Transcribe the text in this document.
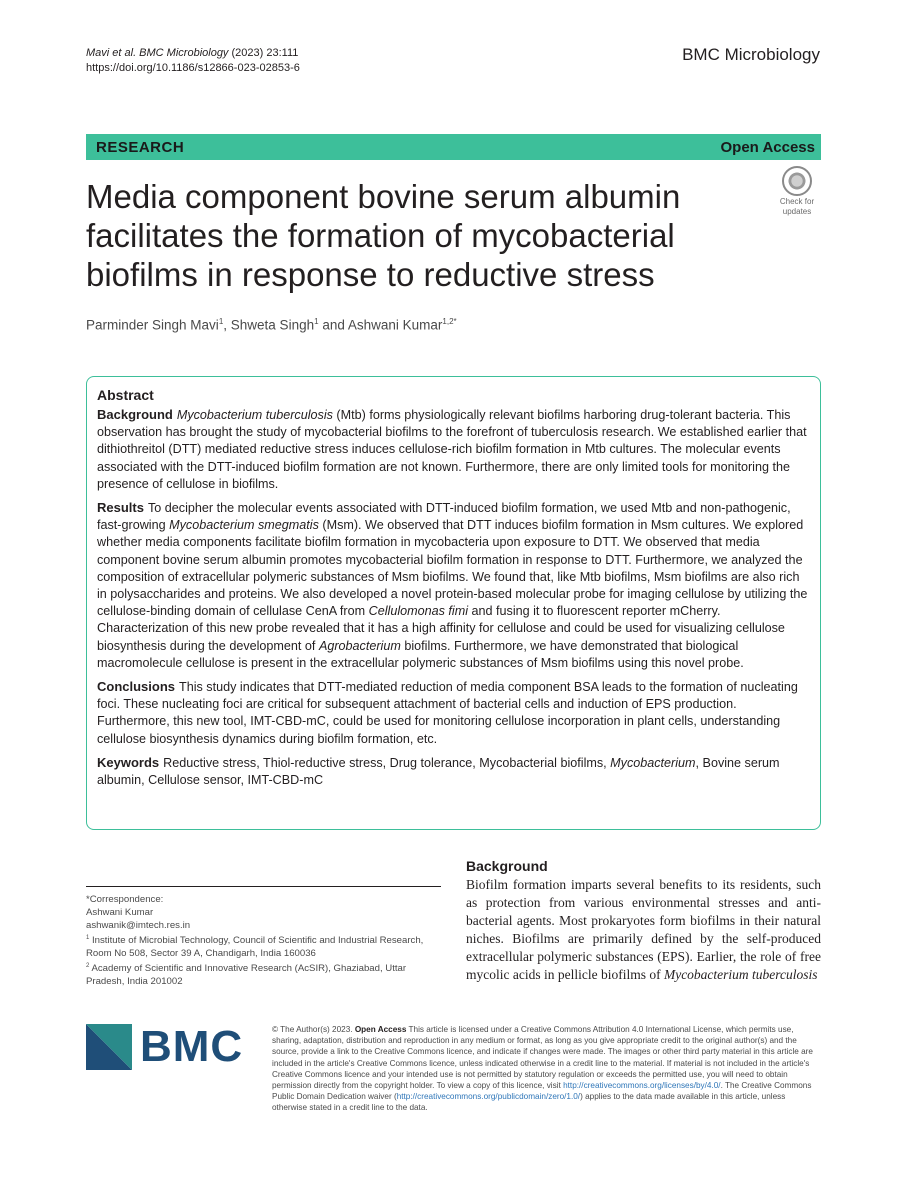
Mavi et al. BMC Microbiology (2023) 23:111
https://doi.org/10.1186/s12866-023-02853-6
BMC Microbiology
RESEARCH	Open Access
Media component bovine serum albumin facilitates the formation of mycobacterial biofilms in response to reductive stress
Check for
updates
Parminder Singh Mavi$^1$, Shweta Singh$^1$ and Ashwani Kumar$^{1,2*}$
Abstract

Background Mycobacterium tuberculosis (Mtb) forms physiologically relevant biofilms harboring drug-tolerant bacteria. This observation has brought the study of mycobacterial biofilms to the forefront of tuberculosis research. We established earlier that dithiothreitol (DTT) mediated reductive stress induces cellulose-rich biofilm formation in Mtb cultures. The molecular events associated with the DTT-induced biofilm formation are not known. Furthermore, there are only limited tools for monitoring the presence of cellulose in biofilms.

Results To decipher the molecular events associated with DTT-induced biofilm formation, we used Mtb and non-pathogenic, fast-growing Mycobacterium smegmatis (Msm). We observed that DTT induces biofilm formation in Msm cultures. We explored whether media components facilitate biofilm formation in mycobacteria upon exposure to DTT. We observed that media component bovine serum albumin promotes mycobacterial biofilm formation in response to DTT. Furthermore, we analyzed the composition of extracellular polymeric substances of Msm biofilms. We found that, like Mtb biofilms, Msm biofilms are also rich in polysaccharides and proteins. We also developed a novel protein-based molecular probe for imaging cellulose by utilizing the cellulose-binding domain of cellulase CenA from Cellulomonas fimi and fusing it to fluorescent reporter mCherry. Characterization of this new probe revealed that it has a high affinity for cellulose and could be used for visualizing cellulose biosynthesis during the development of Agrobacterium biofilms. Furthermore, we have demonstrated that biological macromolecule cellulose is present in the extracellular polymeric substances of Msm biofilms using this novel probe.

Conclusions This study indicates that DTT-mediated reduction of media component BSA leads to the formation of nucleating foci. These nucleating foci are critical for subsequent attachment of bacterial cells and induction of EPS production. Furthermore, this new tool, IMT-CBD-mC, could be used for monitoring cellulose incorporation in plant cells, understanding cellulose biosynthesis dynamics during biofilm formation, etc.

Keywords Reductive stress, Thiol-reductive stress, Drug tolerance, Mycobacterial biofilms, Mycobacterium, Bovine serum albumin, Cellulose sensor, IMT-CBD-mC

*Correspondence:
Ashwani Kumar
ashwanik@imtech.res.in
$^1$ Institute of Microbial Technology, Council of Scientific and Industrial Research, Room No 508, Sector 39 A, Chandigarh, India 160036
$^2$ Academy of Scientific and Innovative Research (AcSIR), Ghaziabad, Uttar Pradesh, India 201002
Background

Biofilm formation imparts several benefits to its residents, such as protection from various environmental stresses and anti-bacterial agents. Most prokaryotes form biofilms in their natural niches. Biofilms are primarily defined by the self-produced extracellular polymeric substances (EPS). Earlier, the role of free mycolic acids in pellicle biofilms of Mycobacterium tuberculosis

BMC	© The Author(s) 2023. Open Access This article is licensed under a Creative Commons Attribution 4.0 International License, which permits use, sharing, adaptation, distribution and reproduction in any medium or format, as long as you give appropriate credit to the original author(s) and the source, provide a link to the Creative Commons licence, and indicate if changes were made. The images or other third party material in this article are included in the article's Creative Commons licence, unless indicated otherwise in a credit line to the material. If material is not included in the article's Creative Commons licence and your intended use is not permitted by statutory regulation or exceeds the permitted use, you will need to obtain permission directly from the copyright holder. To view a copy of this licence, visit http://creativecommons.org/licenses/by/4.0/. The Creative Commons Public Domain Dedication waiver (http://creativecommons.org/publicdomain/zero/1.0/) applies to the data made available in this article, unless otherwise stated in a credit line to the data.
